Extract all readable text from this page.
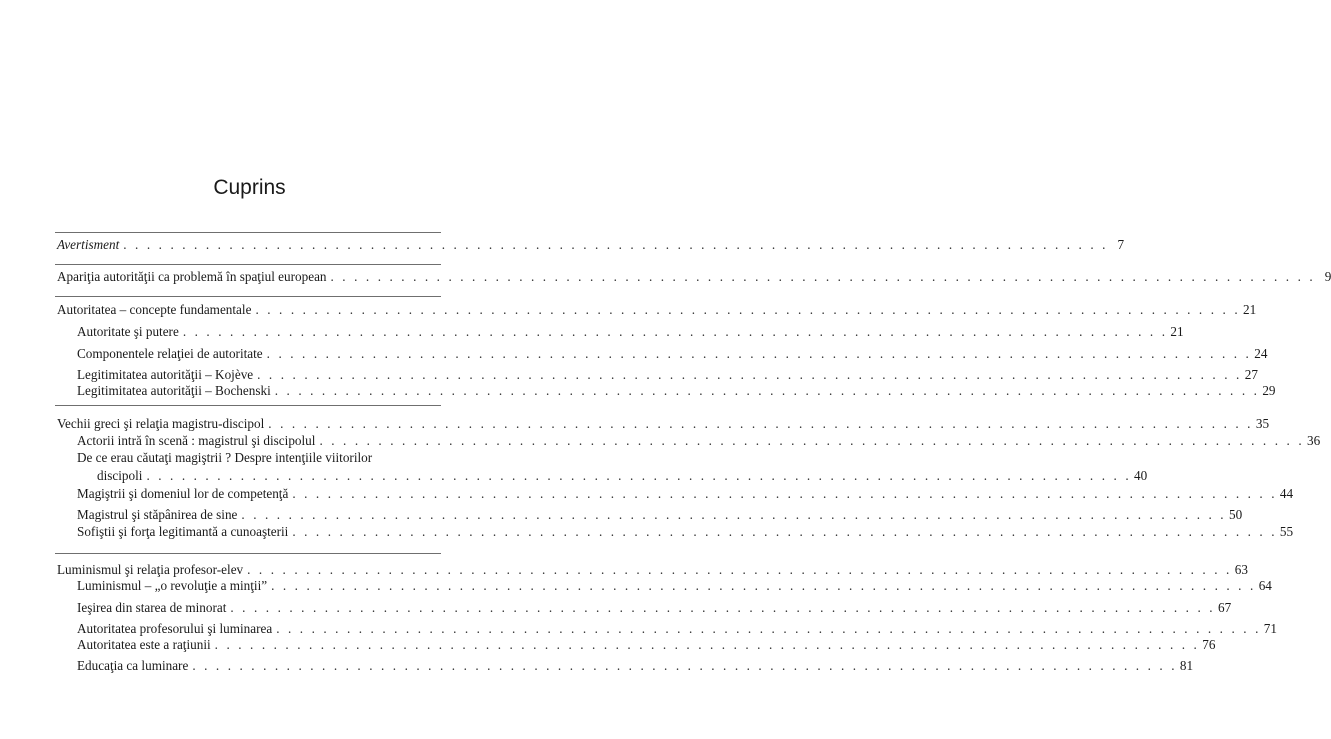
Cuprins
Avertisment . . . . . . . . . . . . . . . . . . . . . . . . . . . . . . . . . . . . . . . . . . . . . . . . . . . . . . . . . . . . . . . . . . . . . . . . . . . . . . . . . . . . 7
Apariţia autorităţii ca problemă în spaţiul european . . . . . . . . . . . . . . . . . . . . . . . . . . . . . . . . . . . . . . . . . . . . . . . . . . . . . . . . . . . . . . . . . . . . . . . . . . . . . . . . . . . . 9
Autoritatea – concepte fundamentale . . . . . . . . . . . . . . . . . . . . . . . . . . . . . . . . . . . . . . . . . . . . . . . . . . . . . . . . . . . . . . . . . . . . . . . . . . . . . . . . . . . . 21
Autoritate şi putere . . . . . . . . . . . . . . . . . . . . . . . . . . . . . . . . . . . . . . . . . . . . . . . . . . . . . . . . . . . . . . . . . . . . . . . . . . . . . . . . . . . . 21
Componentele relaţiei de autoritate . . . . . . . . . . . . . . . . . . . . . . . . . . . . . . . . . . . . . . . . . . . . . . . . . . . . . . . . . . . . . . . . . . . . . . . . . . . . . . . . . . . . 24
Legitimitatea autorităţii – Kojève . . . . . . . . . . . . . . . . . . . . . . . . . . . . . . . . . . . . . . . . . . . . . . . . . . . . . . . . . . . . . . . . . . . . . . . . . . . . . . . . . . . . 27
Legitimitatea autorităţii – Bochenski . . . . . . . . . . . . . . . . . . . . . . . . . . . . . . . . . . . . . . . . . . . . . . . . . . . . . . . . . . . . . . . . . . . . . . . . . . . . . . . . . . . . 29
Vechii greci şi relaţia magistru-discipol . . . . . . . . . . . . . . . . . . . . . . . . . . . . . . . . . . . . . . . . . . . . . . . . . . . . . . . . . . . . . . . . . . . . . . . . . . . . . . . . . . . . 35
Actorii intră în scenă : magistrul şi discipolul . . . . . . . . . . . . . . . . . . . . . . . . . . . . . . . . . . . . . . . . . . . . . . . . . . . . . . . . . . . . . . . . . . . . . . . . . . . . . . . . . . . . 36
De ce erau căutaţi magiştrii ? Despre intenţiile viitorilor
discipoli . . . . . . . . . . . . . . . . . . . . . . . . . . . . . . . . . . . . . . . . . . . . . . . . . . . . . . . . . . . . . . . . . . . . . . . . . . . . . . . . . . . . 40
Magiştrii şi domeniul lor de competenţă . . . . . . . . . . . . . . . . . . . . . . . . . . . . . . . . . . . . . . . . . . . . . . . . . . . . . . . . . . . . . . . . . . . . . . . . . . . . . . . . . . . . 44
Magistrul şi stăpânirea de sine . . . . . . . . . . . . . . . . . . . . . . . . . . . . . . . . . . . . . . . . . . . . . . . . . . . . . . . . . . . . . . . . . . . . . . . . . . . . . . . . . . . . 50
Sofiştii şi forţa legitimantă a cunoaşterii . . . . . . . . . . . . . . . . . . . . . . . . . . . . . . . . . . . . . . . . . . . . . . . . . . . . . . . . . . . . . . . . . . . . . . . . . . . . . . . . . . . . 55
Luminismul şi relaţia profesor-elev . . . . . . . . . . . . . . . . . . . . . . . . . . . . . . . . . . . . . . . . . . . . . . . . . . . . . . . . . . . . . . . . . . . . . . . . . . . . . . . . . . . . 63
Luminismul – „o revoluţie a minţii” . . . . . . . . . . . . . . . . . . . . . . . . . . . . . . . . . . . . . . . . . . . . . . . . . . . . . . . . . . . . . . . . . . . . . . . . . . . . . . . . . . . . 64
Ieşirea din starea de minorat . . . . . . . . . . . . . . . . . . . . . . . . . . . . . . . . . . . . . . . . . . . . . . . . . . . . . . . . . . . . . . . . . . . . . . . . . . . . . . . . . . . . 67
Autoritatea profesorului şi luminarea . . . . . . . . . . . . . . . . . . . . . . . . . . . . . . . . . . . . . . . . . . . . . . . . . . . . . . . . . . . . . . . . . . . . . . . . . . . . . . . . . . . . 71
Autoritatea este a raţiunii . . . . . . . . . . . . . . . . . . . . . . . . . . . . . . . . . . . . . . . . . . . . . . . . . . . . . . . . . . . . . . . . . . . . . . . . . . . . . . . . . . . . 76
Educaţia ca luminare . . . . . . . . . . . . . . . . . . . . . . . . . . . . . . . . . . . . . . . . . . . . . . . . . . . . . . . . . . . . . . . . . . . . . . . . . . . . . . . . . . . . 81
